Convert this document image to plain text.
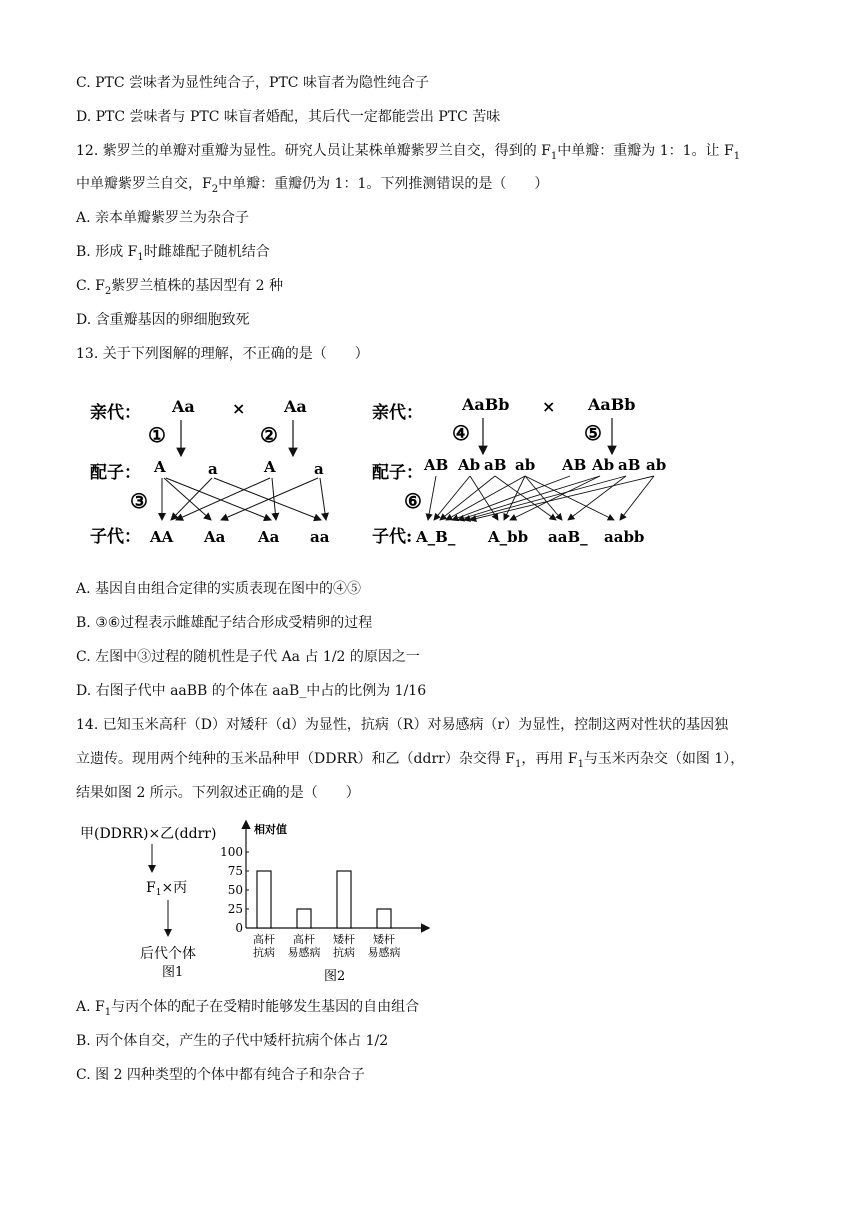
C. PTC 尝味者为显性纯合子，PTC 味盲者为隐性纯合子
D. PTC 尝味者与 PTC 味盲者婚配，其后代一定都能尝出 PTC 苦味
12. 紫罗兰的单瓣对重瓣为显性。研究人员让某株单瓣紫罗兰自交，得到的 $F_1$中单瓣：重瓣为 1：1。让 $F_1$
中单瓣紫罗兰自交，$F_2$中单瓣：重瓣仍为 1：1。下列推测错误的是（　　）
A. 亲本单瓣紫罗兰为杂合子
B. 形成 $F_1$时雌雄配子随机结合
C. $F_2$紫罗兰植株的基因型有 2 种
D. 含重瓣基因的卵细胞致死
13. 关于下列图解的理解，不正确的是（　　）
亲代： Aa × Aa
①	②
配子： A	a	A	a
③
子代： AA Aa Aa aa
亲代： AaBb × AaBb
④	⑤
配子： AB Ab aB ab AB Ab aB ab
⑥
子代: A_B_ A_bb aaB_ aabb
A. 基因自由组合定律的实质表现在图中的④⑤
B. ③⑥过程表示雌雄配子结合形成受精卵的过程
C. 左图中③过程的随机性是子代 Aa 占 1/2 的原因之一
D. 右图子代中 aaBB 的个体在 aaB_中占的比例为 1/16
14. 已知玉米高秆（D）对矮秆（d）为显性，抗病（R）对易感病（r）为显性，控制这两对性状的基因独
立遗传。现用两个纯种的玉米品种甲（DDRR）和乙（ddrr）杂交得 $F_1$，再用 $F_1$与玉米丙杂交（如图 1），
结果如图 2 所示。下列叙述正确的是（　　）
甲(DDRR)×乙(ddrr)
$F_1\times$丙
后代个体
图1
相对值
0
25
50
75
100
高杆
抗病
高杆
易感病
矮杆
抗病
矮杆
易感病
图2
A. $F_1$与丙个体的配子在受精时能够发生基因的自由组合
B. 丙个体自交，产生的子代中矮杆抗病个体占 1/2
C. 图 2 四种类型的个体中都有纯合子和杂合子
